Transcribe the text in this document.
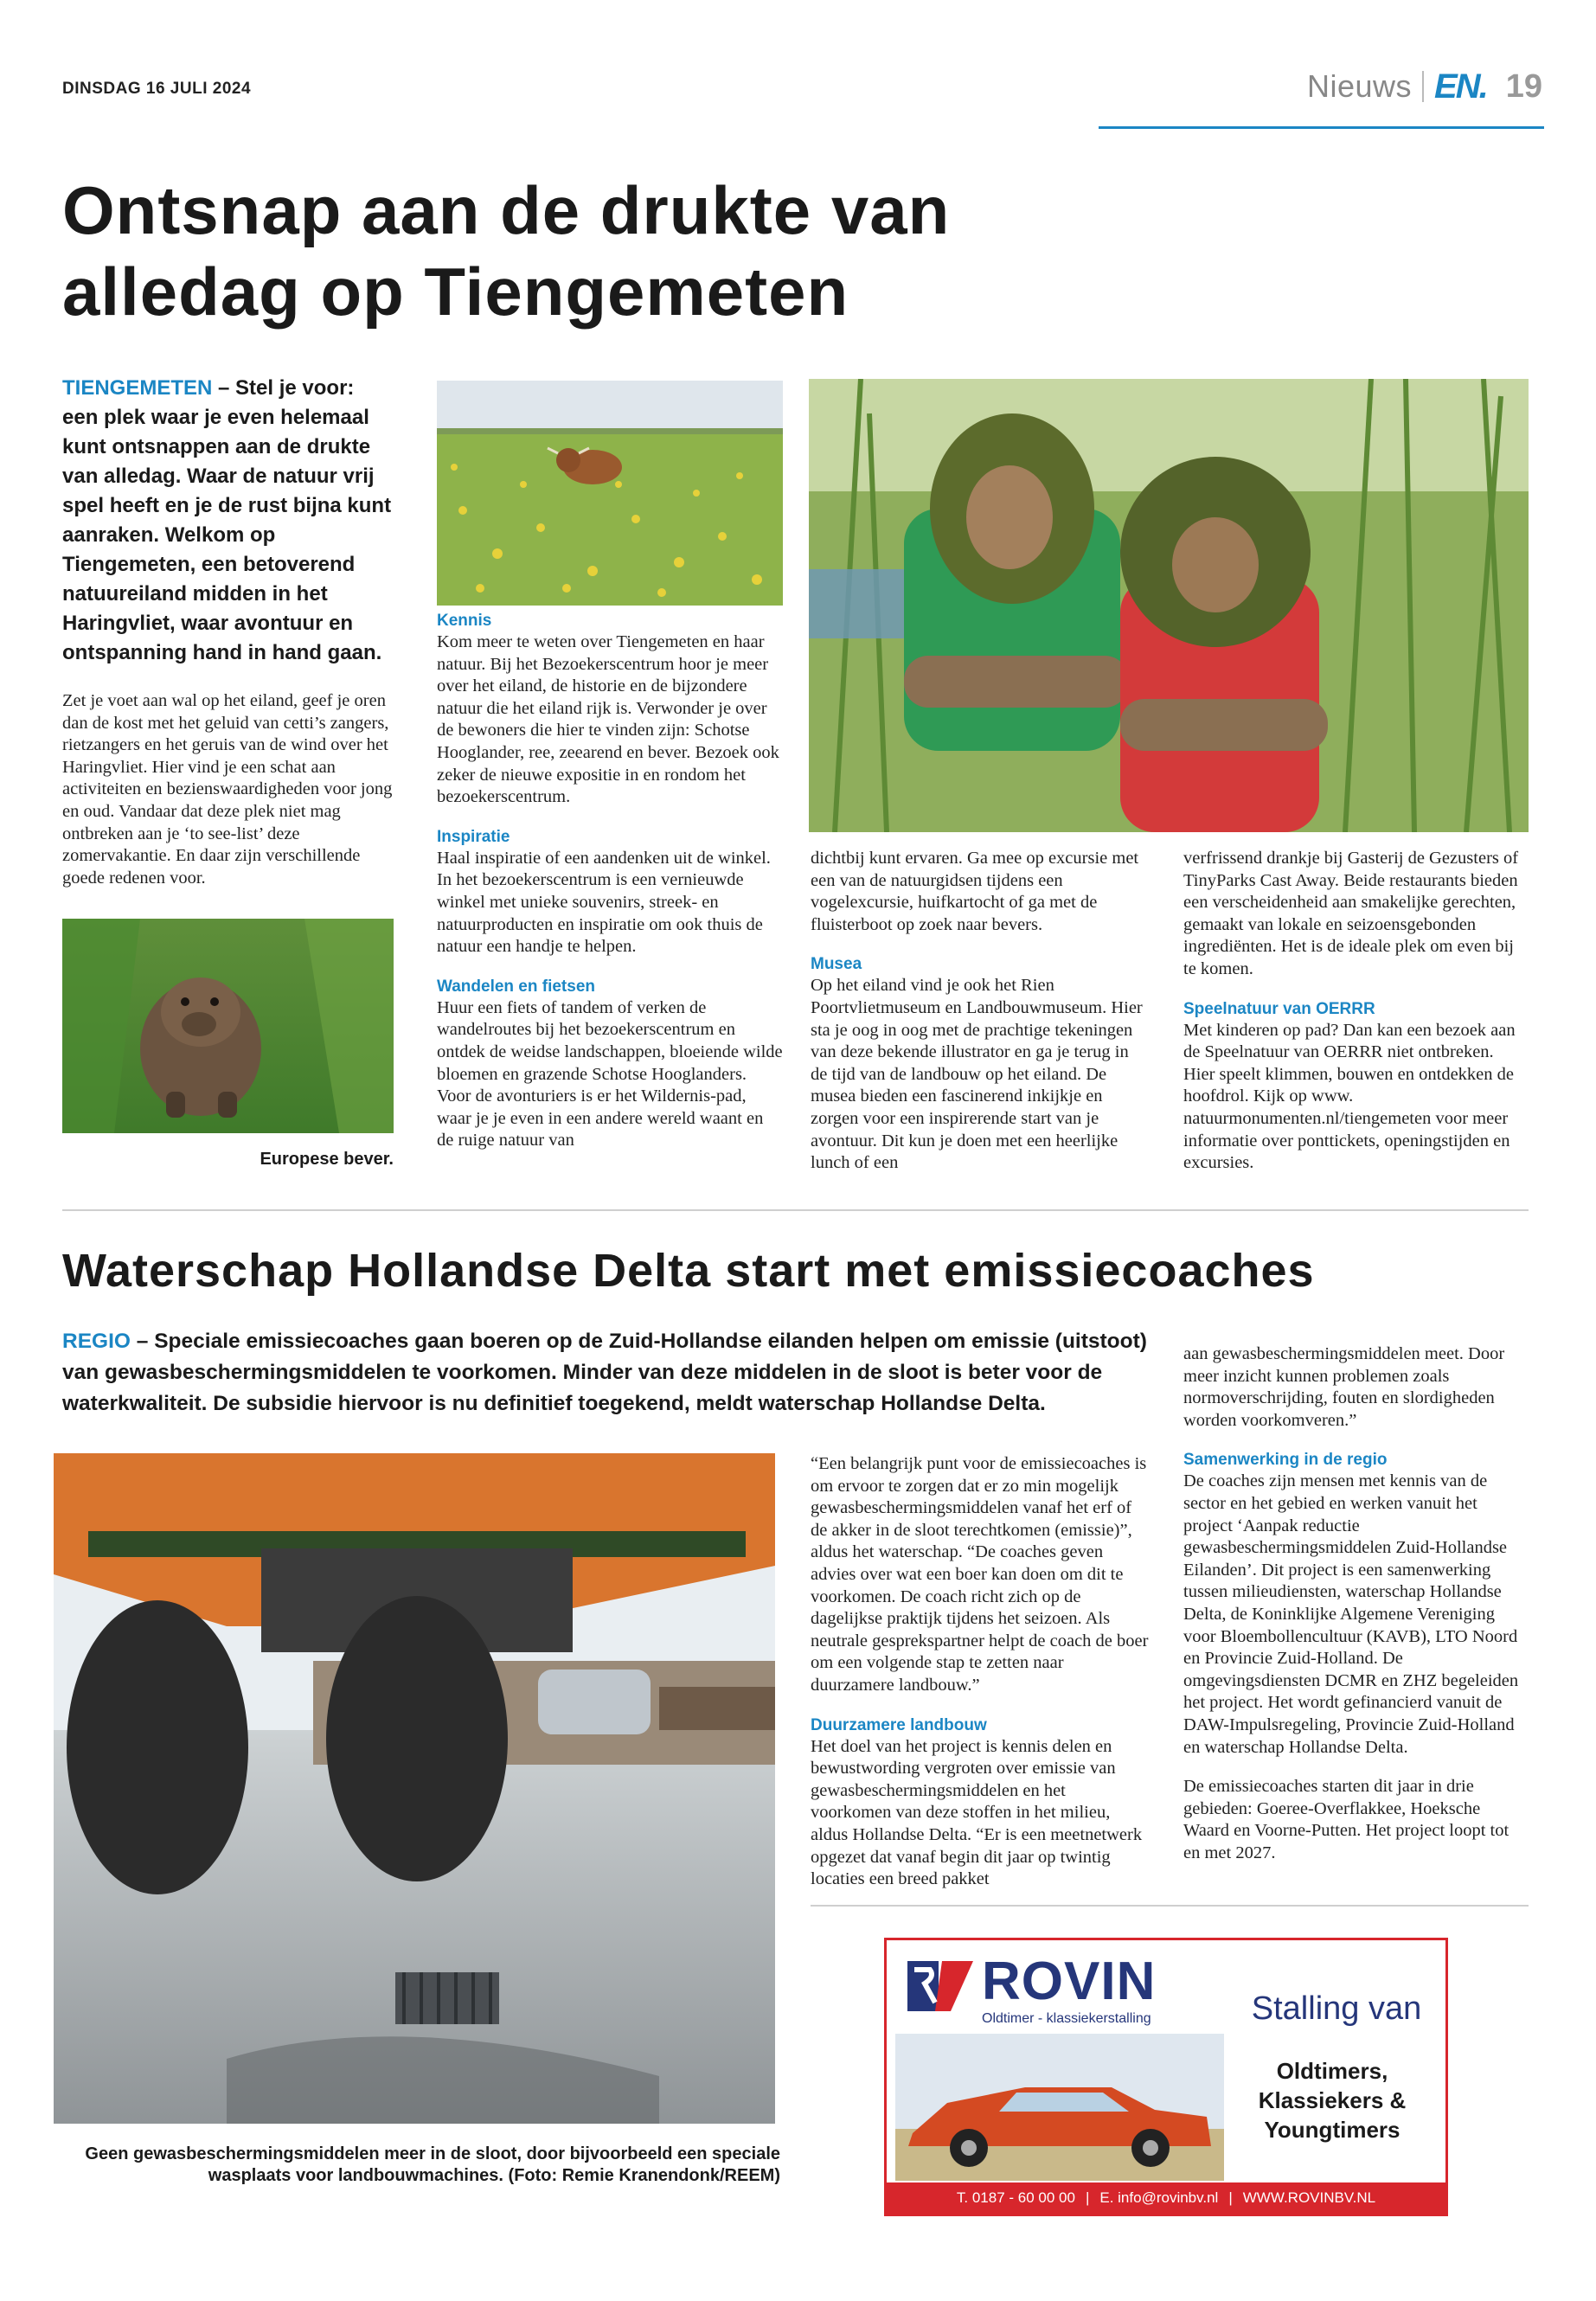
DINSDAG 16 JULI 2024	Nieuws EN. 19
Ontsnap aan de drukte van
alledag op Tiengemeten
TIENGEMETEN – Stel je voor: een plek waar je even helemaal kunt ontsnappen aan de drukte van alledag. Waar de natuur vrij spel heeft en je de rust bijna kunt aanraken. Welkom op Tiengemeten, een betoverend natuureiland midden in het Haringvliet, waar avontuur en ontspanning hand in hand gaan.
Zet je voet aan wal op het eiland, geef je oren dan de kost met het geluid van cetti’s zangers, rietzangers en het geruis van de wind over het Haringvliet. Hier vind je een schat aan activiteiten en bezienswaardigheden voor jong en oud. Vandaar dat deze plek niet mag ontbreken aan je ‘to see-list’ deze zomervakantie. En daar zijn verschillende goede redenen voor.
Europese bever.
Kennis
Kom meer te weten over Tiengemeten en haar natuur. Bij het Bezoekerscentrum hoor je meer over het eiland, de historie en de bijzondere natuur die het eiland rijk is. Verwonder je over de bewoners die hier te vinden zijn: Schotse Hooglander, ree, zeearend en bever. Bezoek ook zeker de nieuwe expositie in en rondom het bezoekerscentrum.
Inspiratie
Haal inspiratie of een aandenken uit de winkel. In het bezoekerscentrum is een vernieuwde winkel met unieke souvenirs, streek- en natuurproducten en inspiratie om ook thuis de natuur een handje te helpen.
Wandelen en fietsen
Huur een fiets of tandem of verken de wandelroutes bij het bezoekerscentrum en ontdek de weidse landschappen, bloeiende wilde bloemen en grazende Schotse Hooglanders. Voor de avonturiers is er het Wildernis-pad, waar je je even in een andere wereld waant en de ruige natuur van
dichtbij kunt ervaren. Ga mee op excursie met een van de natuurgidsen tijdens een vogelexcursie, huifkartocht of ga met de fluisterboot op zoek naar bevers.
Musea
Op het eiland vind je ook het Rien Poortvlietmuseum en Landbouwmuseum. Hier sta je oog in oog met de prachtige tekeningen van deze bekende illustrator en ga je terug in de tijd van de landbouw op het eiland. De musea bieden een fascinerend inkijkje en zorgen voor een inspirerende start van je avontuur. Dit kun je doen met een heerlijke lunch of een
verfrissend drankje bij Gasterij de Gezusters of TinyParks Cast Away. Beide restaurants bieden een verscheidenheid aan smakelijke gerechten, gemaakt van lokale en seizoensgebonden ingrediënten. Het is de ideale plek om even bij te komen.
Speelnatuur van OERRR
Met kinderen op pad? Dan kan een bezoek aan de Speelnatuur van OERRR niet ontbreken. Hier speelt klimmen, bouwen en ontdekken de hoofdrol. Kijk op www. natuurmonumenten.nl/tiengemeten voor meer informatie over ponttickets, openingstijden en excursies.
Waterschap Hollandse Delta start met emissiecoaches
REGIO – Speciale emissiecoaches gaan boeren op de Zuid-Hollandse eilanden helpen om emissie (uitstoot) van gewasbeschermingsmiddelen te voorkomen. Minder van deze middelen in de sloot is beter voor de waterkwaliteit. De subsidie hiervoor is nu definitief toegekend, meldt waterschap Hollandse Delta.
Geen gewasbeschermingsmiddelen meer in de sloot, door bijvoorbeeld een speciale wasplaats voor landbouwmachines. (Foto: Remie Kranendonk/REEM)
“Een belangrijk punt voor de emissiecoaches is om ervoor te zorgen dat er zo min mogelijk gewasbeschermingsmiddelen vanaf het erf of de akker in de sloot terechtkomen (emissie)”, aldus het waterschap. “De coaches geven advies over wat een boer kan doen om dit te voorkomen. De coach richt zich op de dagelijkse praktijk tijdens het seizoen. Als neutrale gesprekspartner helpt de coach de boer om een volgende stap te zetten naar duurzamere landbouw.”
Duurzamere landbouw
Het doel van het project is kennis delen en bewustwording vergroten over emissie van gewasbeschermingsmiddelen en het voorkomen van deze stoffen in het milieu, aldus Hollandse Delta. “Er is een meetnetwerk opgezet dat vanaf begin dit jaar op twintig locaties een breed pakket
aan gewasbeschermingsmiddelen meet. Door meer inzicht kunnen problemen zoals normoverschrijding, fouten en slordigheden worden voorkomveren.”
Samenwerking in de regio
De coaches zijn mensen met kennis van de sector en het gebied en werken vanuit het project ‘Aanpak reductie gewasbeschermingsmiddelen Zuid-Hollandse Eilanden’. Dit project is een samenwerking tussen milieudiensten, waterschap Hollandse Delta, de Koninklijke Algemene Vereniging voor Bloembollencultuur (KAVB), LTO Noord en Provincie Zuid-Holland. De omgevingsdiensten DCMR en ZHZ begeleiden het project. Het wordt gefinancierd vanuit de DAW-Impulsregeling, Provincie Zuid-Holland en waterschap Hollandse Delta.
De emissiecoaches starten dit jaar in drie gebieden: Goeree-Overflakkee, Hoeksche Waard en Voorne-Putten. Het project loopt tot en met 2027.
ROVIN
Oldtimer - klassiekerstalling	Stalling van
Oldtimers, Klassiekers & Youngtimers
T. 0187 - 60 00 00 | E. info@rovinbv.nl | WWW.ROVINBV.NL
